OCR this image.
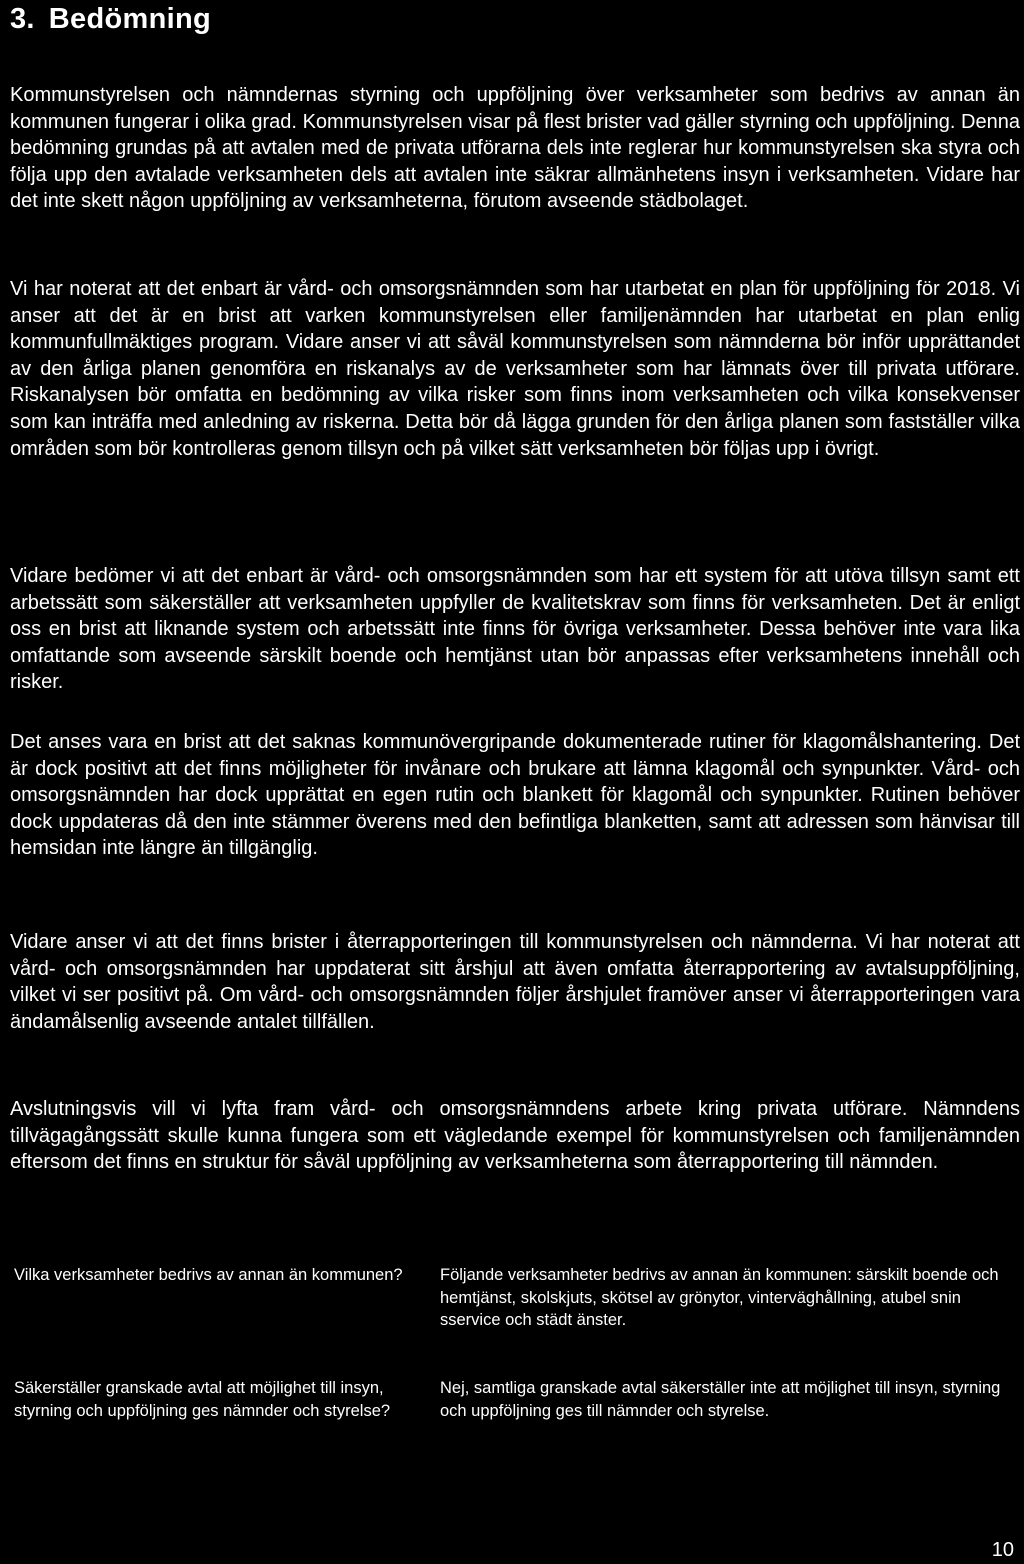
3. Bedömning

Kommunstyrelsen och nämndernas styrning och uppföljning över verksamheter som bedrivs av annan än kommunen fungerar i olika grad. Kommunstyrelsen visar på flest brister vad gäller styrning och uppföljning. Denna bedömning grundas på att avtalen med de privata utförarna dels inte reglerar hur kommunstyrelsen ska styra och följa upp den avtalade verksamheten dels att avtalen inte säkrar allmänhetens insyn i verksamheten. Vidare har det inte skett någon uppföljning av verksamheterna, förutom avseende städbolaget.

Vi har noterat att det enbart är vård- och omsorgsnämnden som har utarbetat en plan för uppföljning för 2018. Vi anser att det är en brist att varken kommunstyrelsen eller familjenämnden har utarbetat en plan enlig kommunfullmäktiges program. Vidare anser vi att såväl kommunstyrelsen som nämnderna bör inför upprättandet av den årliga planen genomföra en riskanalys av de verksamheter som har lämnats över till privata utförare. Riskanalysen bör omfatta en bedömning av vilka risker som finns inom verksamheten och vilka konsekvenser som kan inträffa med anledning av riskerna. Detta bör då lägga grunden för den årliga planen som fastställer vilka områden som bör kontrolleras genom tillsyn och på vilket sätt verksamheten bör följas upp i övrigt.

Vidare bedömer vi att det enbart är vård- och omsorgsnämnden som har ett system för att utöva tillsyn samt ett arbetssätt som säkerställer att verksamheten uppfyller de kvalitetskrav som finns för verksamheten. Det är enligt oss en brist att liknande system och arbetssätt inte finns för övriga verksamheter. Dessa behöver inte vara lika omfattande som avseende särskilt boende och hemtjänst utan bör anpassas efter verksamhetens innehåll och risker.

Det anses vara en brist att det saknas kommunövergripande dokumenterade rutiner för klagomålshantering. Det är dock positivt att det finns möjligheter för invånare och brukare att lämna klagomål och synpunkter. Vård- och omsorgsnämnden har dock upprättat en egen rutin och blankett för klagomål och synpunkter. Rutinen behöver dock uppdateras då den inte stämmer överens med den befintliga blanketten, samt att adressen som hänvisar till hemsidan inte längre än tillgänglig.

Vidare anser vi att det finns brister i återrapporteringen till kommunstyrelsen och nämnderna. Vi har noterat att vård- och omsorgsnämnden har uppdaterat sitt årshjul att även omfatta återrapportering av avtalsuppföljning, vilket vi ser positivt på. Om vård- och omsorgsnämnden följer årshjulet framöver anser vi återrapporteringen vara ändamålsenlig avseende antalet tillfällen.

Avslutningsvis vill vi lyfta fram vård- och omsorgsnämndens arbete kring privata utförare. Nämndens tillvägagångssätt skulle kunna fungera som ett vägledande exempel för kommunstyrelsen och familjenämnden eftersom det finns en struktur för såväl uppföljning av verksamheterna som återrapportering till nämnden.

Vilka verksamheter bedrivs av annan än kommunen?	Följande verksamheter bedrivs av annan än kommunen: särskilt boende och hemtjänst, skolskjuts, skötsel av grönytor, vinterväghållning, atubel snin sservice och städt änster.

Säkerställer granskade avtal att möjlighet till insyn, styrning och uppföljning ges nämnder och styrelse?

Nej, samtliga granskade avtal säkerställer inte att möjlighet till insyn, styrning och uppföljning ges till nämnder och styrelse.

10
